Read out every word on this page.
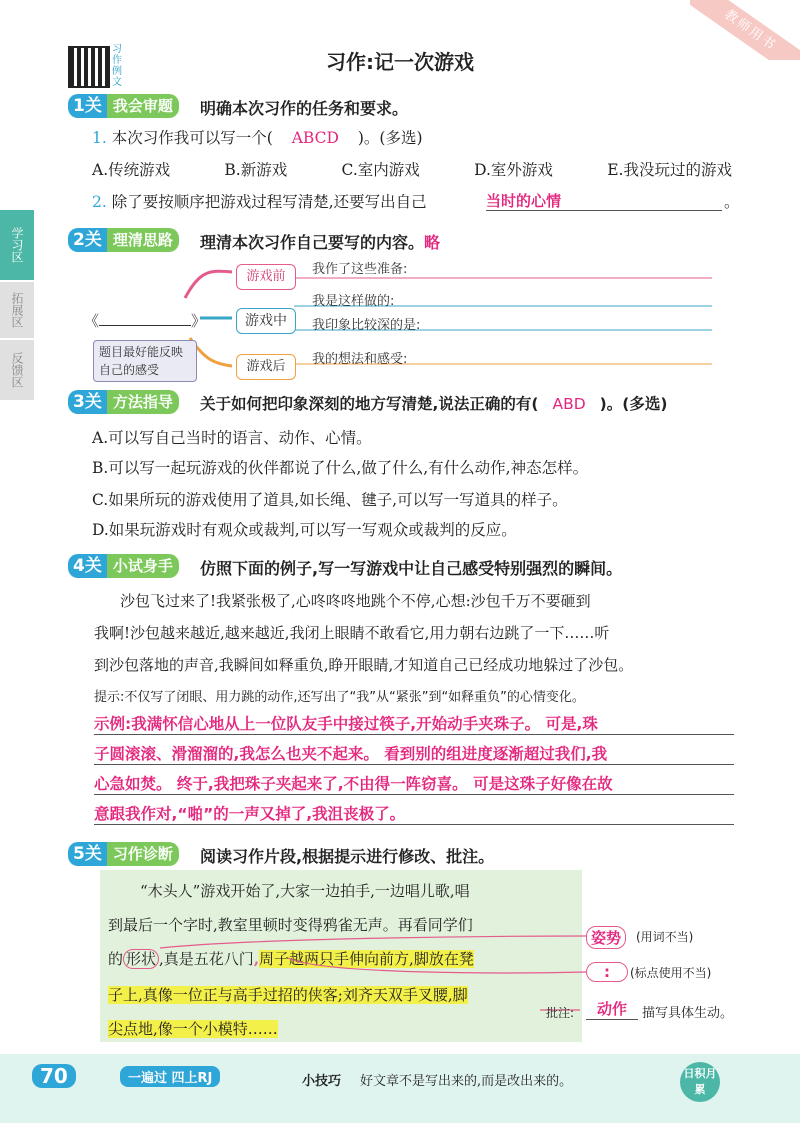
教师用书
习作例文
习作:记一次游戏
学习区
拓展区
反馈区
1关 我会审题	明确本次习作的任务和要求。
1. 本次习作我可以写一个( ABCD )。(多选)
A.传统游戏	B.新游戏	C.室内游戏	D.室外游戏	E.我没玩过的游戏
2. 除了要按顺序把游戏过程写清楚,还要写出自己	当时的心情	。
2关 理清思路	理清本次习作自己要写的内容。略
《	》
题目最好能反映自己的感受
游戏前
游戏中
游戏后
我作了这些准备:
我是这样做的:
我印象比较深的是:
我的想法和感受:
3关 方法指导	关于如何把印象深刻的地方写清楚,说法正确的有( ABD )。(多选)
A.可以写自己当时的语言、动作、心情。
B.可以写一起玩游戏的伙伴都说了什么,做了什么,有什么动作,神态怎样。
C.如果所玩的游戏使用了道具,如长绳、毽子,可以写一写道具的样子。
D.如果玩游戏时有观众或裁判,可以写一写观众或裁判的反应。
4关 小试身手	仿照下面的例子,写一写游戏中让自己感受特别强烈的瞬间。
沙包飞过来了!我紧张极了,心咚咚咚地跳个不停,心想:沙包千万不要砸到
我啊!沙包越来越近,越来越近,我闭上眼睛不敢看它,用力朝右边跳了一下……听
到沙包落地的声音,我瞬间如释重负,睁开眼睛,才知道自己已经成功地躲过了沙包。
提示:不仅写了闭眼、用力跳的动作,还写出了“我”从“紧张”到“如释重负”的心情变化。
示例:我满怀信心地从上一位队友手中接过筷子,开始动手夹珠子。 可是,珠
子圆滚滚、滑溜溜的,我怎么也夹不起来。 看到别的组进度逐渐超过我们,我
心急如焚。 终于,我把珠子夹起来了,不由得一阵窃喜。 可是这珠子好像在故
意跟我作对,“啪”的一声又掉了,我沮丧极了。
5关 习作诊断	阅读习作片段,根据提示进行修改、批注。
“木头人”游戏开始了,大家一边拍手,一边唱儿歌,唱
到最后一个字时,教室里顿时变得鸦雀无声。再看同学们
的 形状 ,真是五花八门,周子越两只手伸向前方,脚放在凳
子上,真像一位正与高手过招的侠客;刘齐天双手叉腰,脚
尖点地,像一个小模特……
姿势	(用词不当)
:	(标点使用不当)
批注:	动作	描写具体生动。
70	一遍过 四上RJ	小技巧 好文章不是写出来的,而是改出来的。
日积月累
